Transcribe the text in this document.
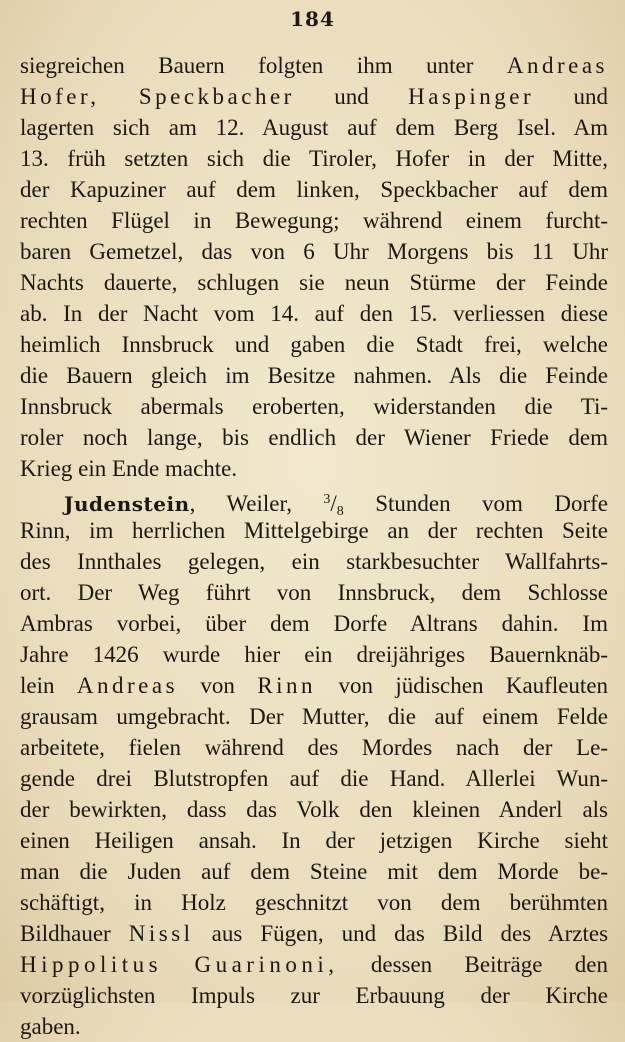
184
siegreichen Bauern folgten ihm unter Andreas
Hofer, Speckbacher und Haspinger und
lagerten sich am 12. August auf dem Berg Isel. Am
13. früh setzten sich die Tiroler, Hofer in der Mitte,
der Kapuziner auf dem linken, Speckbacher auf dem
rechten Flügel in Bewegung; während einem furcht-
baren Gemetzel, das von 6 Uhr Morgens bis 11 Uhr
Nachts dauerte, schlugen sie neun Stürme der Feinde
ab. In der Nacht vom 14. auf den 15. verliessen diese
heimlich Innsbruck und gaben die Stadt frei, welche
die Bauern gleich im Besitze nahmen. Als die Feinde
Innsbruck abermals eroberten, widerstanden die Ti-
roler noch lange, bis endlich der Wiener Friede dem
Krieg ein Ende machte.
Judenstein, Weiler, $^3/_8$ Stunden vom Dorfe
Rinn, im herrlichen Mittelgebirge an der rechten Seite
des Innthales gelegen, ein starkbesuchter Wallfahrts-
ort. Der Weg führt von Innsbruck, dem Schlosse
Ambras vorbei, über dem Dorfe Altrans dahin. Im
Jahre 1426 wurde hier ein dreijähriges Bauernknäb-
lein Andreas von Rinn von jüdischen Kaufleuten
grausam umgebracht. Der Mutter, die auf einem Felde
arbeitete, fielen während des Mordes nach der Le-
gende drei Blutstropfen auf die Hand. Allerlei Wun-
der bewirkten, dass das Volk den kleinen Anderl als
einen Heiligen ansah. In der jetzigen Kirche sieht
man die Juden auf dem Steine mit dem Morde be-
schäftigt, in Holz geschnitzt von dem berühmten
Bildhauer Nissl aus Fügen, und das Bild des Arztes
Hippolitus Guarinoni, dessen Beiträge den
vorzüglichsten Impuls zur Erbauung der Kirche
gaben.
